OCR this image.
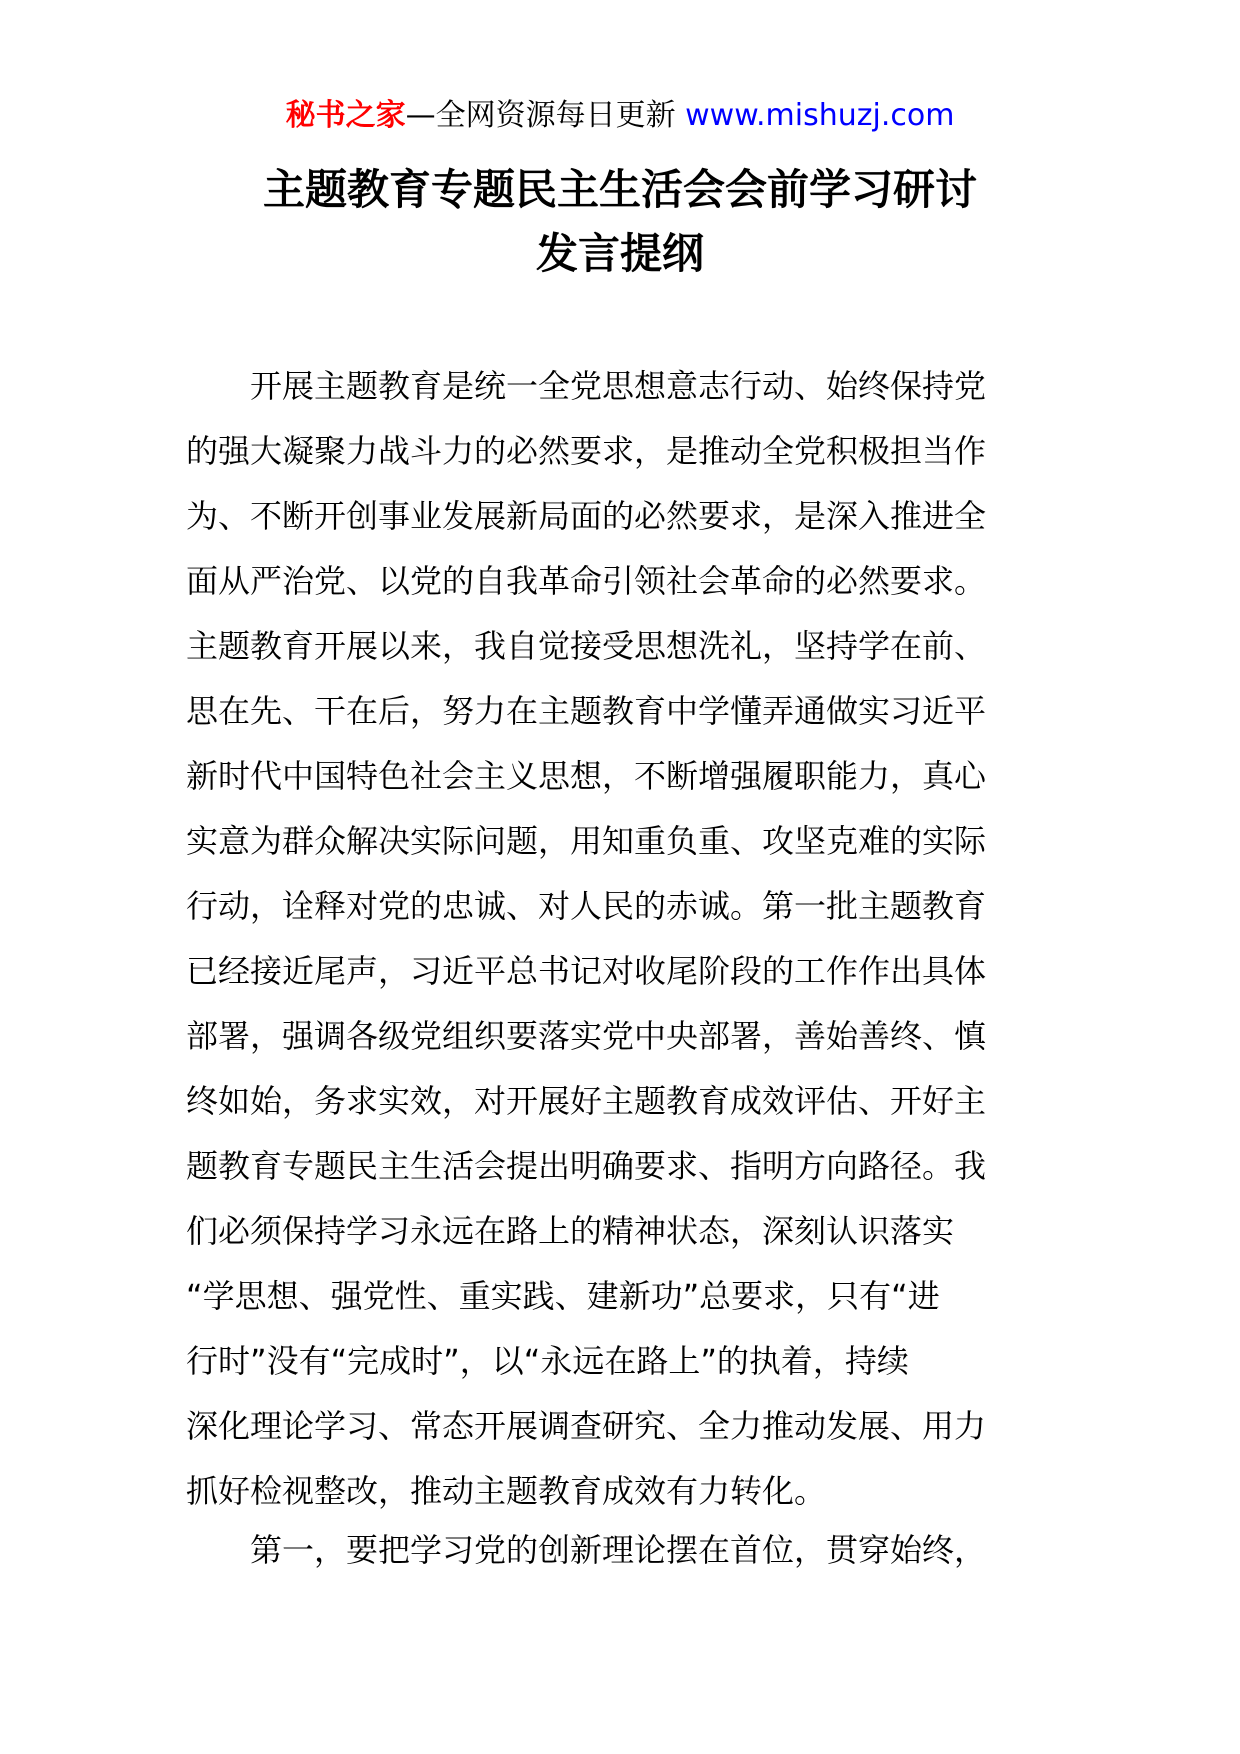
秘书之家—全网资源每日更新 www.mishuzj.com
主题教育专题民主生活会会前学习研讨
发言提纲

开展主题教育是统一全党思想意志行动、始终保持党

的强大凝聚力战斗力的必然要求，是推动全党积极担当作

为、不断开创事业发展新局面的必然要求，是深入推进全

面从严治党、以党的自我革命引领社会革命的必然要求。

主题教育开展以来，我自觉接受思想洗礼，坚持学在前、

思在先、干在后，努力在主题教育中学懂弄通做实习近平

新时代中国特色社会主义思想，不断增强履职能力，真心

实意为群众解决实际问题，用知重负重、攻坚克难的实际

行动，诠释对党的忠诚、对人民的赤诚。第一批主题教育

已经接近尾声，习近平总书记对收尾阶段的工作作出具体

部署，强调各级党组织要落实党中央部署，善始善终、慎

终如始，务求实效，对开展好主题教育成效评估、开好主

题教育专题民主生活会提出明确要求、指明方向路径。我

们必须保持学习永远在路上的精神状态，深刻认识落实

“学思想、强党性、重实践、建新功”总要求，只有“进

行时”没有“完成时”，以“永远在路上”的执着，持续

深化理论学习、常态开展调查研究、全力推动发展、用力

抓好检视整改，推动主题教育成效有力转化。

第一，要把学习党的创新理论摆在首位，贯穿始终，
